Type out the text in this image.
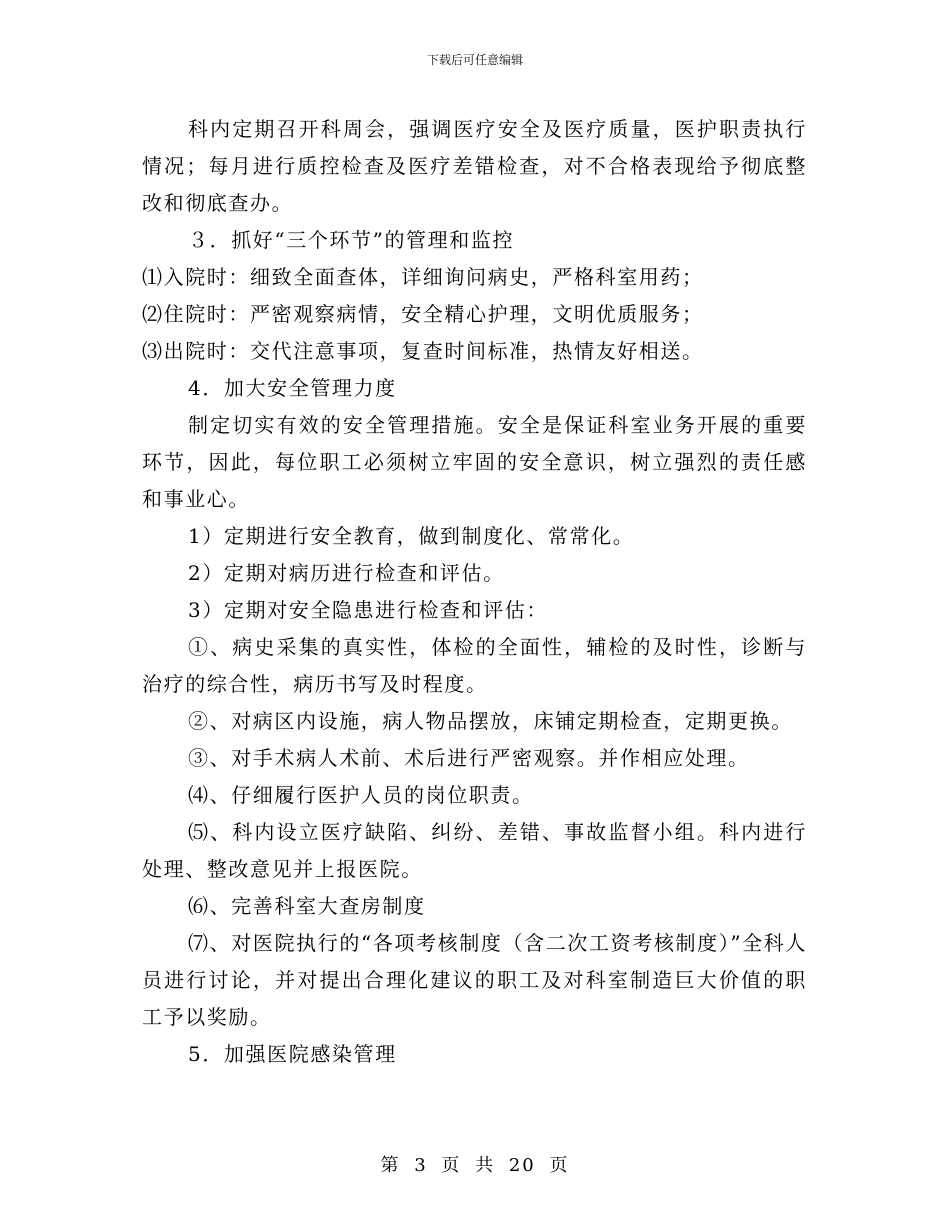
下载后可任意编辑

科内定期召开科周会，强调医疗安全及医疗质量，医护职责执行情况；每月进行质控检查及医疗差错检查，对不合格表现给予彻底整改和彻底查办。

３．抓好“三个环节”的管理和监控

⑴入院时：细致全面查体，详细询问病史，严格科室用药；

⑵住院时：严密观察病情，安全精心护理，文明优质服务；

⑶出院时：交代注意事项，复查时间标准，热情友好相送。

4．加大安全管理力度

制定切实有效的安全管理措施。安全是保证科室业务开展的重要环节，因此，每位职工必须树立牢固的安全意识，树立强烈的责任感和事业心。

1）定期进行安全教育，做到制度化、常常化。

2）定期对病历进行检查和评估。

3）定期对安全隐患进行检查和评估：

①、病史采集的真实性，体检的全面性，辅检的及时性，诊断与治疗的综合性，病历书写及时程度。

②、对病区内设施，病人物品摆放，床铺定期检查，定期更换。

③、对手术病人术前、术后进行严密观察。并作相应处理。

⑷、仔细履行医护人员的岗位职责。

⑸、科内设立医疗缺陷、纠纷、差错、事故监督小组。科内进行处理、整改意见并上报医院。

⑹、完善科室大查房制度

⑺、对医院执行的“各项考核制度（含二次工资考核制度）”全科人员进行讨论，并对提出合理化建议的职工及对科室制造巨大价值的职工予以奖励。

5．加强医院感染管理

第 3 页 共 20 页
